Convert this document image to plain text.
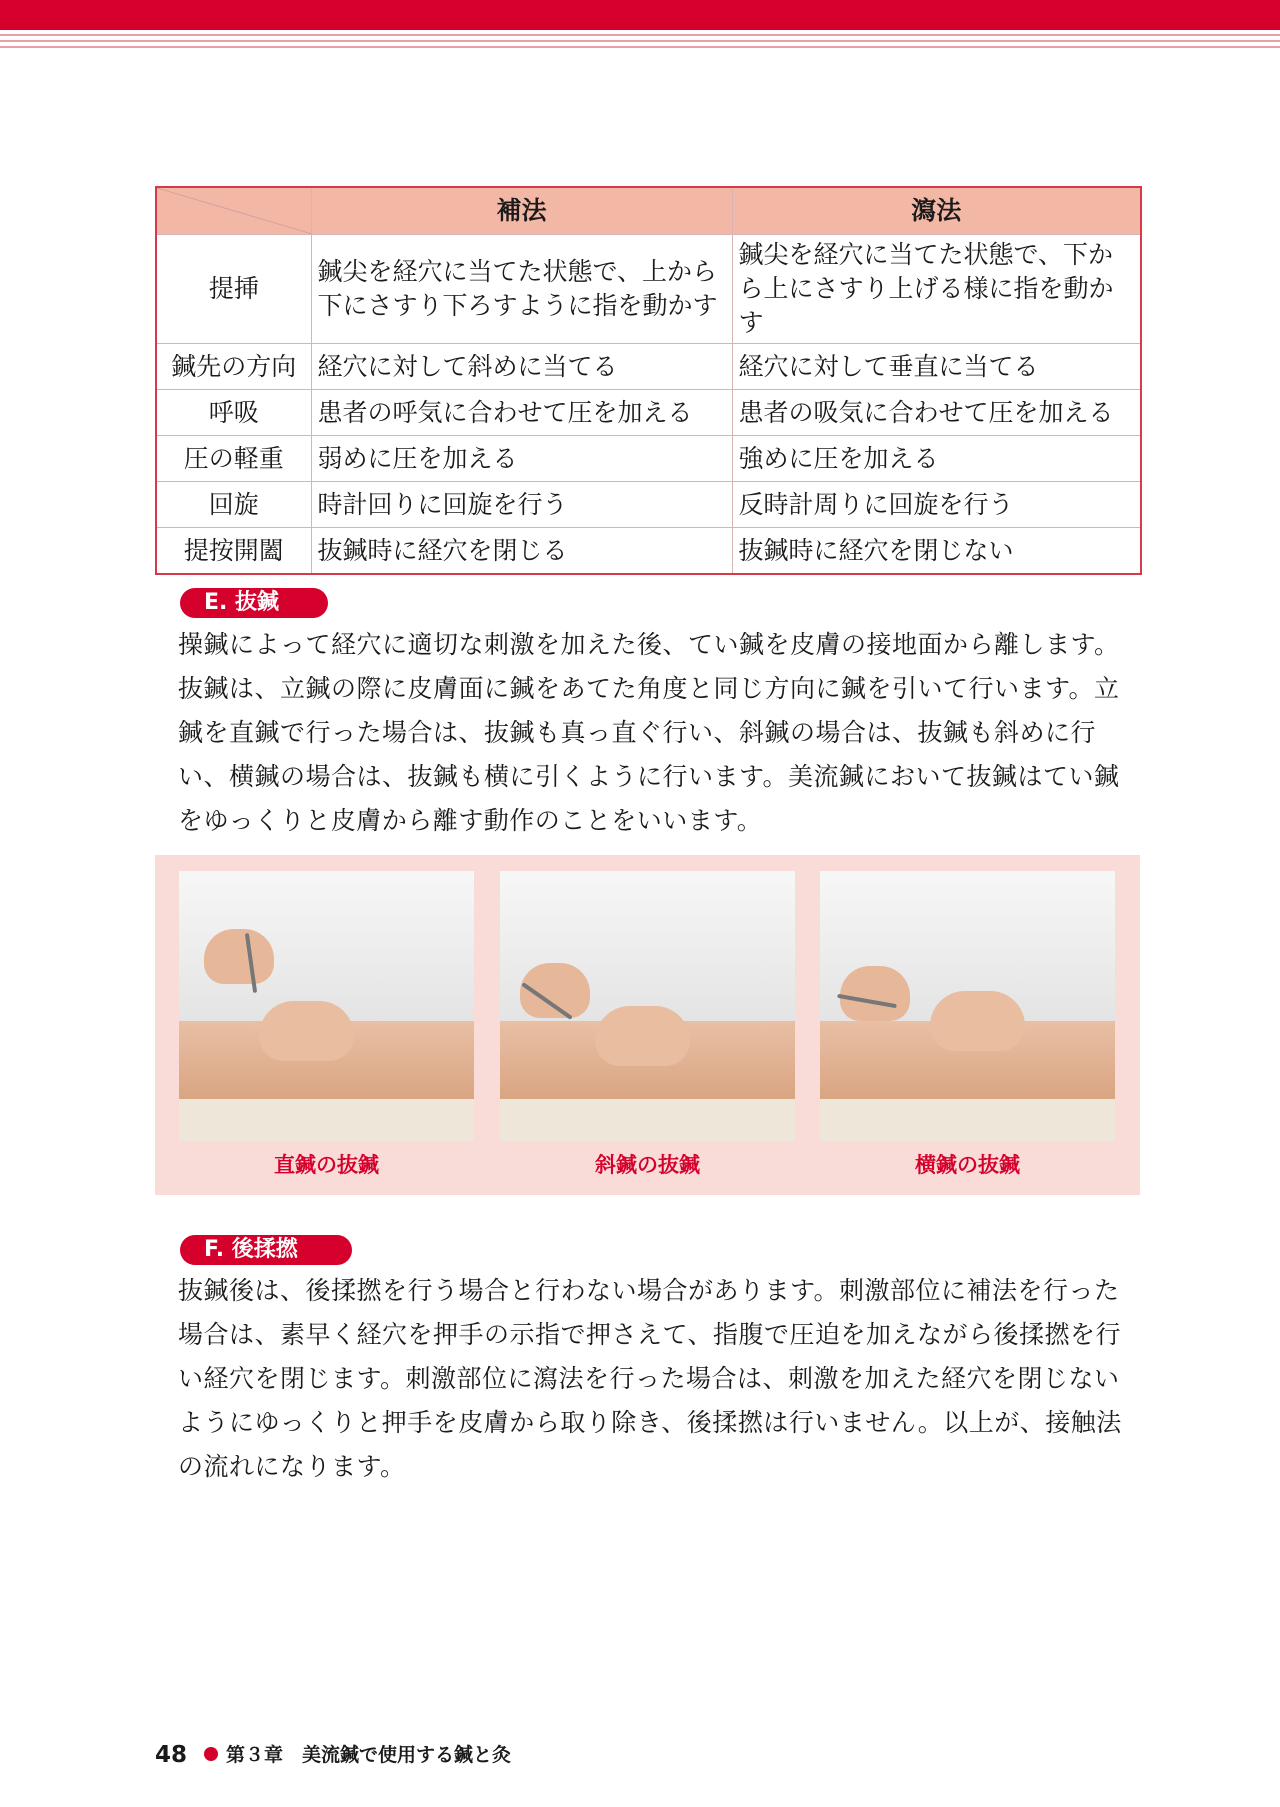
	補法	瀉法
提挿	鍼尖を経穴に当てた状態で、上から下にさすり下ろすように指を動かす	鍼尖を経穴に当てた状態で、下から上にさすり上げる様に指を動かす
鍼先の方向	経穴に対して斜めに当てる	経穴に対して垂直に当てる
呼吸	患者の呼気に合わせて圧を加える	患者の吸気に合わせて圧を加える
圧の軽重	弱めに圧を加える	強めに圧を加える
回旋	時計回りに回旋を行う	反時計周りに回旋を行う
提按開闔	抜鍼時に経穴を閉じる	抜鍼時に経穴を閉じない
E. 抜鍼
操鍼によって経穴に適切な刺激を加えた後、てい鍼を皮膚の接地面から離します。抜鍼は、立鍼の際に皮膚面に鍼をあてた角度と同じ方向に鍼を引いて行います。立鍼を直鍼で行った場合は、抜鍼も真っ直ぐ行い、斜鍼の場合は、抜鍼も斜めに行い、横鍼の場合は、抜鍼も横に引くように行います。美流鍼において抜鍼はてい鍼をゆっくりと皮膚から離す動作のことをいいます。
直鍼の抜鍼	斜鍼の抜鍼	横鍼の抜鍼
F. 後揉撚
抜鍼後は、後揉撚を行う場合と行わない場合があります。刺激部位に補法を行った場合は、素早く経穴を押手の示指で押さえて、指腹で圧迫を加えながら後揉撚を行い経穴を閉じます。刺激部位に瀉法を行った場合は、刺激を加えた経穴を閉じないようにゆっくりと押手を皮膚から取り除き、後揉撚は行いません。以上が、接触法の流れになります。
48 第３章　美流鍼で使用する鍼と灸
